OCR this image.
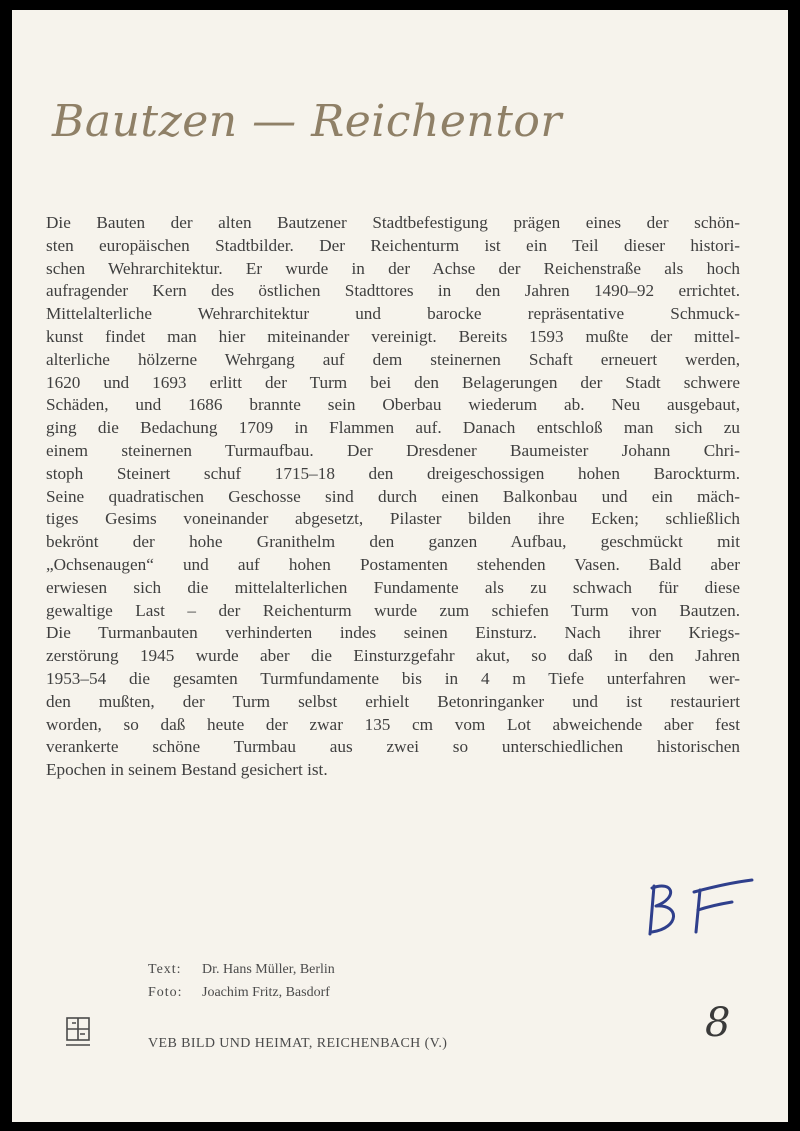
Bautzen — Reichentor
Die Bauten der alten Bautzener Stadtbefestigung prägen eines der schön-
sten europäischen Stadtbilder. Der Reichenturm ist ein Teil dieser histori-
schen Wehrarchitektur. Er wurde in der Achse der Reichenstraße als hoch
aufragender Kern des östlichen Stadttores in den Jahren 1490–92 errichtet.
Mittelalterliche Wehrarchitektur und barocke repräsentative Schmuck-
kunst findet man hier miteinander vereinigt. Bereits 1593 mußte der mittel-
alterliche hölzerne Wehrgang auf dem steinernen Schaft erneuert werden,
1620 und 1693 erlitt der Turm bei den Belagerungen der Stadt schwere
Schäden, und 1686 brannte sein Oberbau wiederum ab. Neu ausgebaut,
ging die Bedachung 1709 in Flammen auf. Danach entschloß man sich zu
einem steinernen Turmaufbau. Der Dresdener Baumeister Johann Chri-
stoph Steinert schuf 1715–18 den dreigeschossigen hohen Barockturm.
Seine quadratischen Geschosse sind durch einen Balkonbau und ein mäch-
tiges Gesims voneinander abgesetzt, Pilaster bilden ihre Ecken; schließlich
bekrönt der hohe Granithelm den ganzen Aufbau, geschmückt mit
„Ochsenaugen“ und auf hohen Postamenten stehenden Vasen. Bald aber
erwiesen sich die mittelalterlichen Fundamente als zu schwach für diese
gewaltige Last – der Reichenturm wurde zum schiefen Turm von Bautzen.
Die Turmanbauten verhinderten indes seinen Einsturz. Nach ihrer Kriegs-
zerstörung 1945 wurde aber die Einsturzgefahr akut, so daß in den Jahren
1953–54 die gesamten Turmfundamente bis in 4 m Tiefe unterfahren wer-
den mußten, der Turm selbst erhielt Betonringanker und ist restauriert
worden, so daß heute der zwar 135 cm vom Lot abweichende aber fest
verankerte schöne Turmbau aus zwei so unterschiedlichen historischen
Epochen in seinem Bestand gesichert ist.
Text: Dr. Hans Müller, Berlin
Foto: Joachim Fritz, Basdorf
VEB BILD UND HEIMAT, REICHENBACH (V.)	8
